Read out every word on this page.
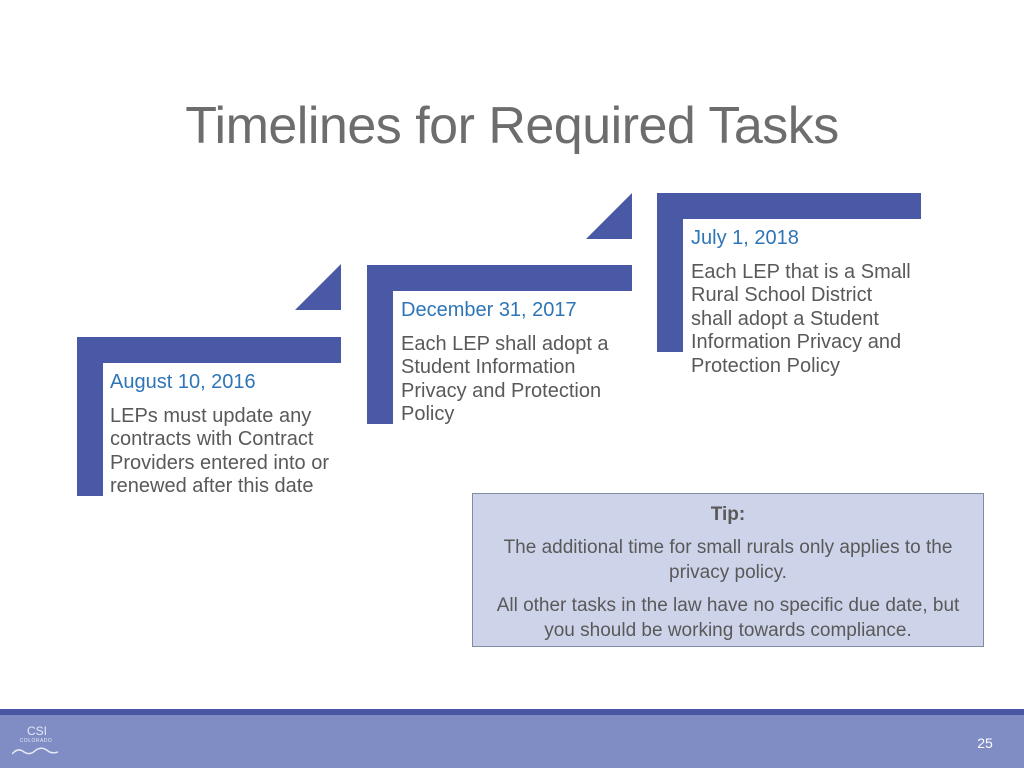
Timelines for Required Tasks
August 10, 2016
LEPs must update any contracts with Contract Providers entered into or renewed after this date
December 31, 2017
Each LEP shall adopt a Student Information Privacy and Protection Policy
July 1, 2018
Each LEP that is a Small Rural School District shall adopt a Student Information Privacy and Protection Policy
Tip:

The additional time for small rurals only applies to the privacy policy.

All other tasks in the law have no specific due date, but you should be working towards compliance.

CSI
COLORADO	25
